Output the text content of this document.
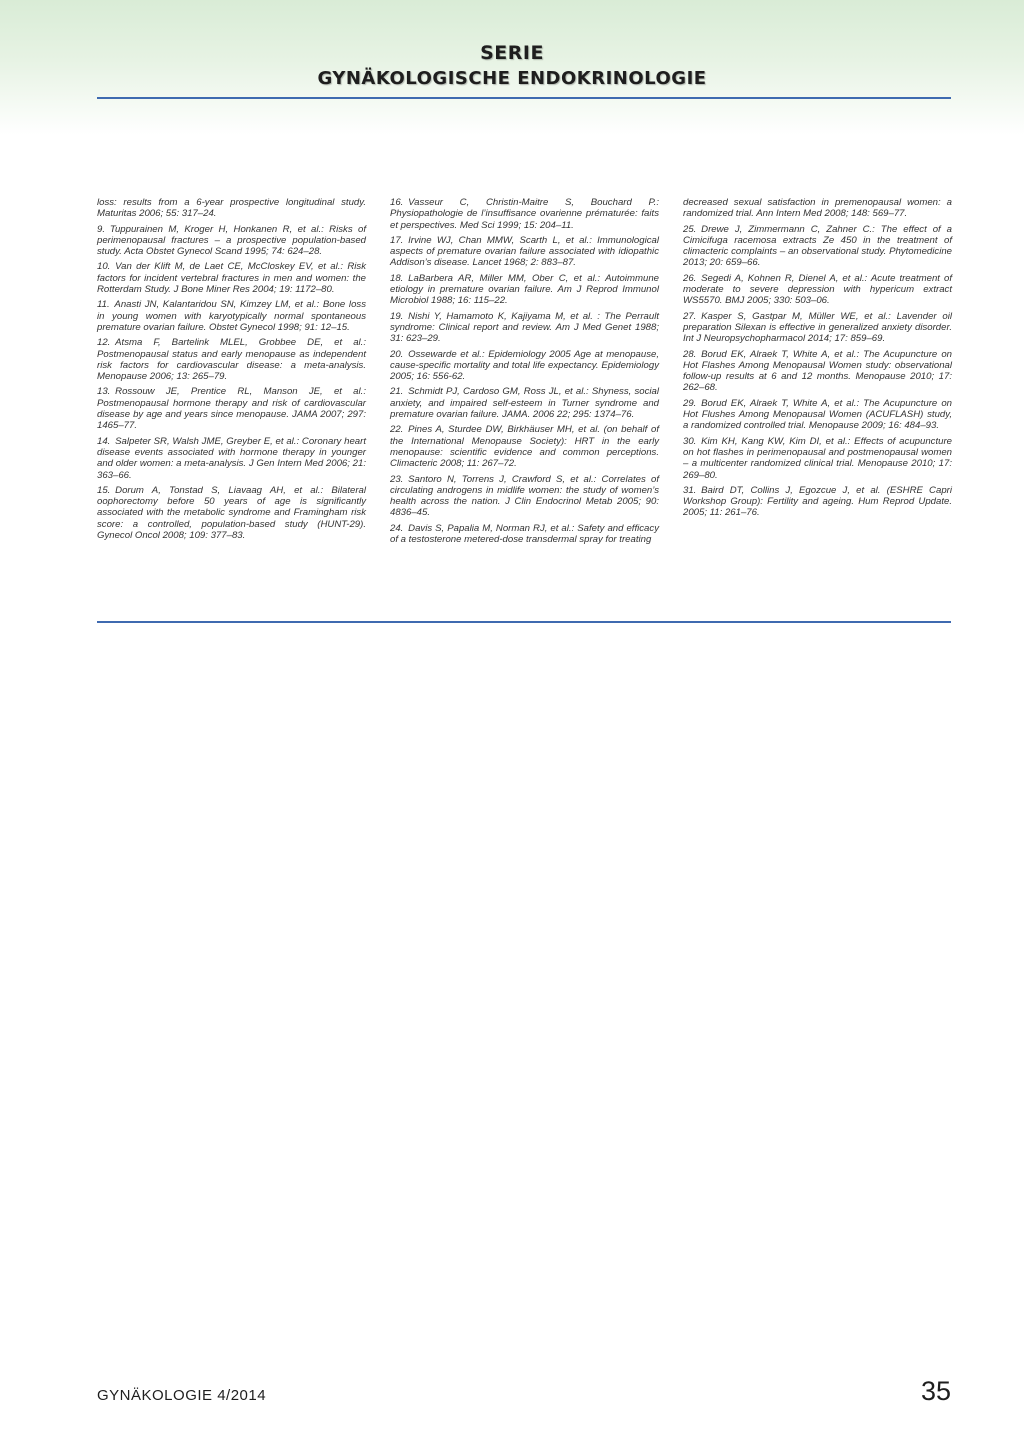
SERIE
GYNÄKOLOGISCHE ENDOKRINOLOGIE

loss: results from a 6-year prospective longitudinal study. Maturitas 2006; 55: 317–24.

9.  Tuppurainen M, Kroger H, Honkanen R, et al.: Risks of perimenopausal fractures – a prospective population-based study. Acta Obstet Gynecol Scand 1995; 74: 624–28.

10.  Van der Klift M, de Laet CE, McCloskey EV, et al.: Risk factors for incident vertebral fractures in men and women: the Rotterdam Study. J Bone Miner Res 2004; 19: 1172–80.

11.  Anasti JN, Kalantaridou SN, Kimzey LM, et al.: Bone loss in young women with karyotypically normal spontaneous premature ovarian failure. Obstet Gynecol 1998; 91: 12–15.

12.  Atsma F, Bartelink MLEL, Grobbee DE, et al.: Postmenopausal status and early menopause as independent risk factors for cardiovascular disease: a meta-analysis. Menopause 2006; 13: 265–79.

13.  Rossouw JE, Prentice RL, Manson JE, et al.: Postmenopausal hormone therapy and risk of cardiovascular disease by age and years since menopause. JAMA 2007; 297: 1465–77.

14.  Salpeter SR, Walsh JME, Greyber E, et al.: Coronary heart disease events associated with hormone therapy in younger and older women: a meta-analysis. J Gen Intern Med 2006; 21: 363–66.

15.  Dorum A, Tonstad S, Liavaag AH, et al.: Bilateral oophorectomy before 50 years of age is significantly associated with the metabolic syndrome and Framingham risk score: a controlled, population-based study (HUNT-29). Gynecol Oncol 2008; 109: 377–83.

16.  Vasseur C, Christin-Maitre S, Bouchard P.: Physiopathologie de l’insuffisance ovarienne prématurée: faits et perspectives. Med Sci 1999; 15: 204–11.

17.  Irvine WJ, Chan MMW, Scarth L, et al.: Immunological aspects of premature ovarian failure associated with idiopathic Addison’s disease. Lancet 1968; 2: 883–87.

18.  LaBarbera AR, Miller MM, Ober C, et al.: Autoimmune etiology in premature ovarian failure. Am J Reprod Immunol Microbiol 1988; 16: 115–22.

19.  Nishi Y, Hamamoto K, Kajiyama M, et al. : The Perrault syndrome: Clinical report and review. Am J Med Genet 1988; 31: 623–29.

20.  Ossewarde et al.: Epidemiology 2005 Age at menopause, cause-specific mortality and total life expectancy. Epidemiology 2005; 16: 556-62.

21.  Schmidt PJ, Cardoso GM, Ross JL, et al.: Shyness, social anxiety, and impaired self-esteem in Turner syndrome and premature ovarian failure. JAMA. 2006 22; 295: 1374–76.

22.  Pines A, Sturdee DW, Birkhäuser MH, et al. (on behalf of the International Menopause Society): HRT in the early menopause: scientific evidence and common perceptions. Climacteric 2008; 11: 267–72.

23.  Santoro N, Torrens J, Crawford S, et al.: Correlates of circulating androgens in midlife women: the study of women’s health across the nation. J Clin Endocrinol Metab 2005; 90: 4836–45.

24.  Davis S, Papalia M, Norman RJ, et al.: Safety and efficacy of a testosterone metered-dose transdermal spray for treating

decreased sexual satisfaction in premenopausal women: a randomized trial. Ann Intern Med 2008; 148: 569–77.

25.  Drewe J, Zimmermann C, Zahner C.: The effect of a Cimicifuga racemosa extracts Ze 450 in the treatment of climacteric complaints – an observational study. Phytomedicine 2013; 20: 659–66.

26.  Segedi A, Kohnen R, Dienel A, et al.: Acute treatment of moderate to severe depression with hypericum extract WS5570. BMJ 2005; 330: 503–06.

27.  Kasper S, Gastpar M, Müller WE, et al.: Lavender oil preparation Silexan is effective in generalized anxiety disorder. Int J Neuropsychopharmacol 2014; 17: 859–69.

28.  Borud EK, Alraek T, White A, et al.: The Acupuncture on Hot Flashes Among Menopausal Women study: observational follow-up results at 6 and 12 months. Menopause 2010; 17: 262–68.

29.  Borud EK, Alraek T, White A, et al.: The Acupuncture on Hot Flushes Among Menopausal Women (ACUFLASH) study, a randomized controlled trial. Menopause 2009; 16: 484–93.

30.  Kim KH, Kang KW, Kim DI, et al.: Effects of acupuncture on hot flashes in perimenopausal and postmenopausal women – a multicenter randomized clinical trial. Menopause 2010; 17: 269–80.

31.  Baird DT, Collins J, Egozcue J, et al. (ESHRE Capri Workshop Group): Fertility and ageing. Hum Reprod Update. 2005; 11: 261–76.

GYNÄKOLOGIE 4/2014	35
